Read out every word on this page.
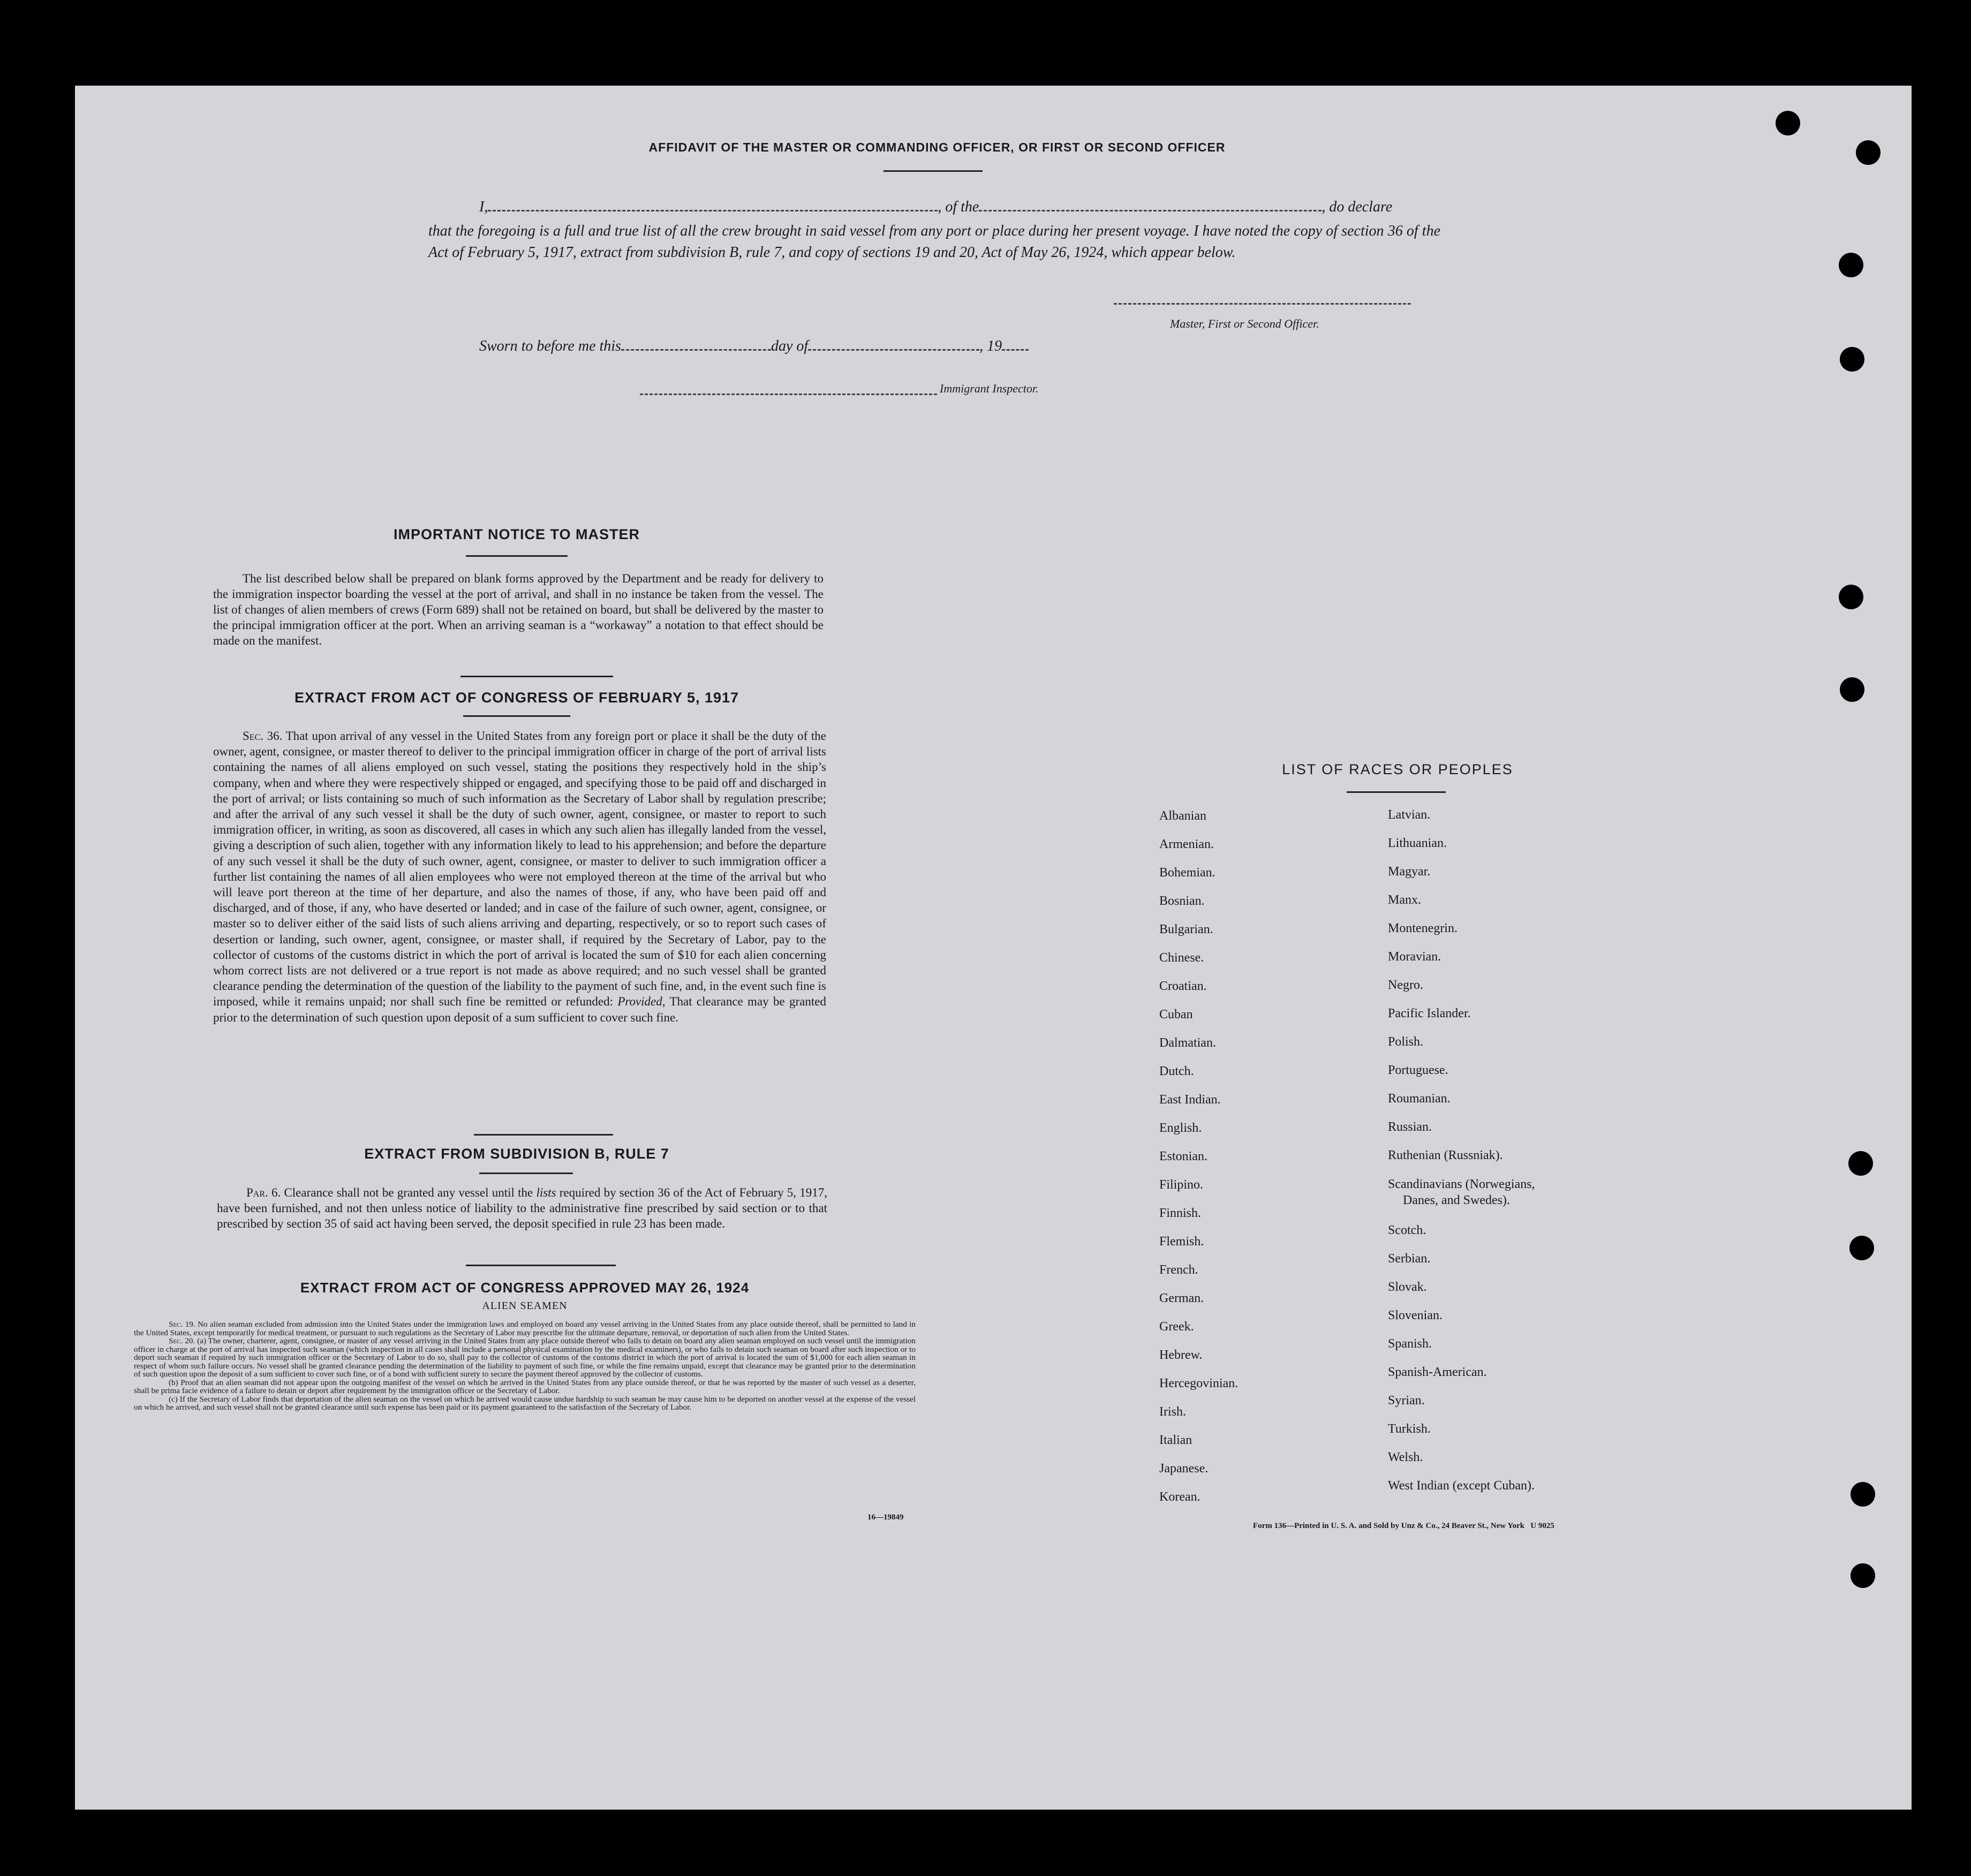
AFFIDAVIT OF THE MASTER OR COMMANDING OFFICER, OR FIRST OR SECOND OFFICER
I,	, of the	, do declare
that the foregoing is a full and true list of all the crew brought in said vessel from any port or place during her present voyage. I have noted the copy of section 36 of the Act of February 5, 1917, extract from subdivision B, rule 7, and copy of sections 19 and 20, Act of May 26, 1924, which appear below.
Master, First or Second Officer.
Sworn to before me this	day of	, 19
Immigrant Inspector.
IMPORTANT NOTICE TO MASTER
The list described below shall be prepared on blank forms approved by the Department and be ready for delivery to the immigration inspector boarding the vessel at the port of arrival, and shall in no instance be taken from the vessel. The list of changes of alien members of crews (Form 689) shall not be retained on board, but shall be delivered by the master to the principal immigration officer at the port. When an arriving seaman is a “workaway” a notation to that effect should be made on the manifest.
EXTRACT FROM ACT OF CONGRESS OF FEBRUARY 5, 1917
Sec. 36. That upon arrival of any vessel in the United States from any foreign port or place it shall be the duty of the owner, agent, consignee, or master thereof to deliver to the principal immigration officer in charge of the port of arrival lists containing the names of all aliens employed on such vessel, stating the positions they respectively hold in the ship’s company, when and where they were respectively shipped or engaged, and specifying those to be paid off and discharged in the port of arrival; or lists containing so much of such information as the Secretary of Labor shall by regulation prescribe; and after the arrival of any such vessel it shall be the duty of such owner, agent, consignee, or master to report to such immigration officer, in writing, as soon as discovered, all cases in which any such alien has illegally landed from the vessel, giving a description of such alien, together with any information likely to lead to his apprehension; and before the departure of any such vessel it shall be the duty of such owner, agent, consignee, or master to deliver to such immigration officer a further list containing the names of all alien employees who were not employed thereon at the time of the arrival but who will leave port thereon at the time of her departure, and also the names of those, if any, who have been paid off and discharged, and of those, if any, who have deserted or landed; and in case of the failure of such owner, agent, consignee, or master so to deliver either of the said lists of such aliens arriving and departing, respectively, or so to report such cases of desertion or landing, such owner, agent, consignee, or master shall, if required by the Secretary of Labor, pay to the collector of customs of the customs district in which the port of arrival is located the sum of $10 for each alien concerning whom correct lists are not delivered or a true report is not made as above required; and no such vessel shall be granted clearance pending the determination of the question of the liability to the payment of such fine, and, in the event such fine is imposed, while it remains unpaid; nor shall such fine be remitted or refunded: Provided, That clearance may be granted prior to the determination of such question upon deposit of a sum sufficient to cover such fine.
EXTRACT FROM SUBDIVISION B, RULE 7
Par. 6. Clearance shall not be granted any vessel until the lists required by section 36 of the Act of February 5, 1917, have been furnished, and not then unless notice of liability to the administrative fine prescribed by said section or to that prescribed by section 35 of said act having been served, the deposit specified in rule 23 has been made.
EXTRACT FROM ACT OF CONGRESS APPROVED MAY 26, 1924
ALIEN SEAMEN
Sec. 19. No alien seaman excluded from admission into the United States under the immigration laws and employed on board any vessel arriving in the United States from any place outside thereof, shall be permitted to land in the United States, except temporarily for medical treatment, or pursuant to such regulations as the Secretary of Labor may prescribe for the ultimate departure, removal, or deportation of such alien from the United States.
Sec. 20. (a) The owner, charterer, agent, consignee, or master of any vessel arriving in the United States from any place outside thereof who fails to detain on board any alien seaman employed on such vessel until the immigration officer in charge at the port of arrival has inspected such seaman (which inspection in all cases shall include a personal physical examination by the medical examiners), or who fails to detain such seaman on board after such inspection or to deport such seaman if required by such immigration officer or the Secretary of Labor to do so, shall pay to the collector of customs of the customs district in which the port of arrival is located the sum of $1,000 for each alien seaman in respect of whom such failure occurs. No vessel shall be granted clearance pending the determination of the liability to payment of such fine, or while the fine remains unpaid, except that clearance may be granted prior to the determination of such question upon the deposit of a sum sufficient to cover such fine, or of a bond with sufficient surety to secure the payment thereof approved by the collector of customs.
(b) Proof that an alien seaman did not appear upon the outgoing manifest of the vessel on which he arrived in the United States from any place outside thereof, or that he was reported by the master of such vessel as a deserter, shall be prima facie evidence of a failure to detain or deport after requirement by the immigration officer or the Secretary of Labor.
(c) If the Secretary of Labor finds that deportation of the alien seaman on the vessel on which he arrived would cause undue hardship to such seaman he may cause him to be deported on another vessel at the expense of the vessel on which he arrived, and such vessel shall not be granted clearance until such expense has been paid or its payment guaranteed to the satisfaction of the Secretary of Labor.
16—19849
LIST OF RACES OR PEOPLES
Albanian
Armenian.
Bohemian.
Bosnian.
Bulgarian.
Chinese.
Croatian.
Cuban
Dalmatian.
Dutch.
East Indian.
English.
Estonian.
Filipino.
Finnish.
Flemish.
French.
German.
Greek.
Hebrew.
Hercegovinian.
Irish.
Italian
Japanese.
Korean.
Latvian.
Lithuanian.
Magyar.
Manx.
Montenegrin.
Moravian.
Negro.
Pacific Islander.
Polish.
Portuguese.
Roumanian.
Russian.
Ruthenian (Russniak).
Scandinavians (Norwegians,
Danes, and Swedes).
Scotch.
Serbian.
Slovak.
Slovenian.
Spanish.
Spanish-American.
Syrian.
Turkish.
Welsh.
West Indian (except Cuban).
Form 136—Printed in U. S. A. and Sold by Unz & Co., 24 Beaver St., New York   U 9025
